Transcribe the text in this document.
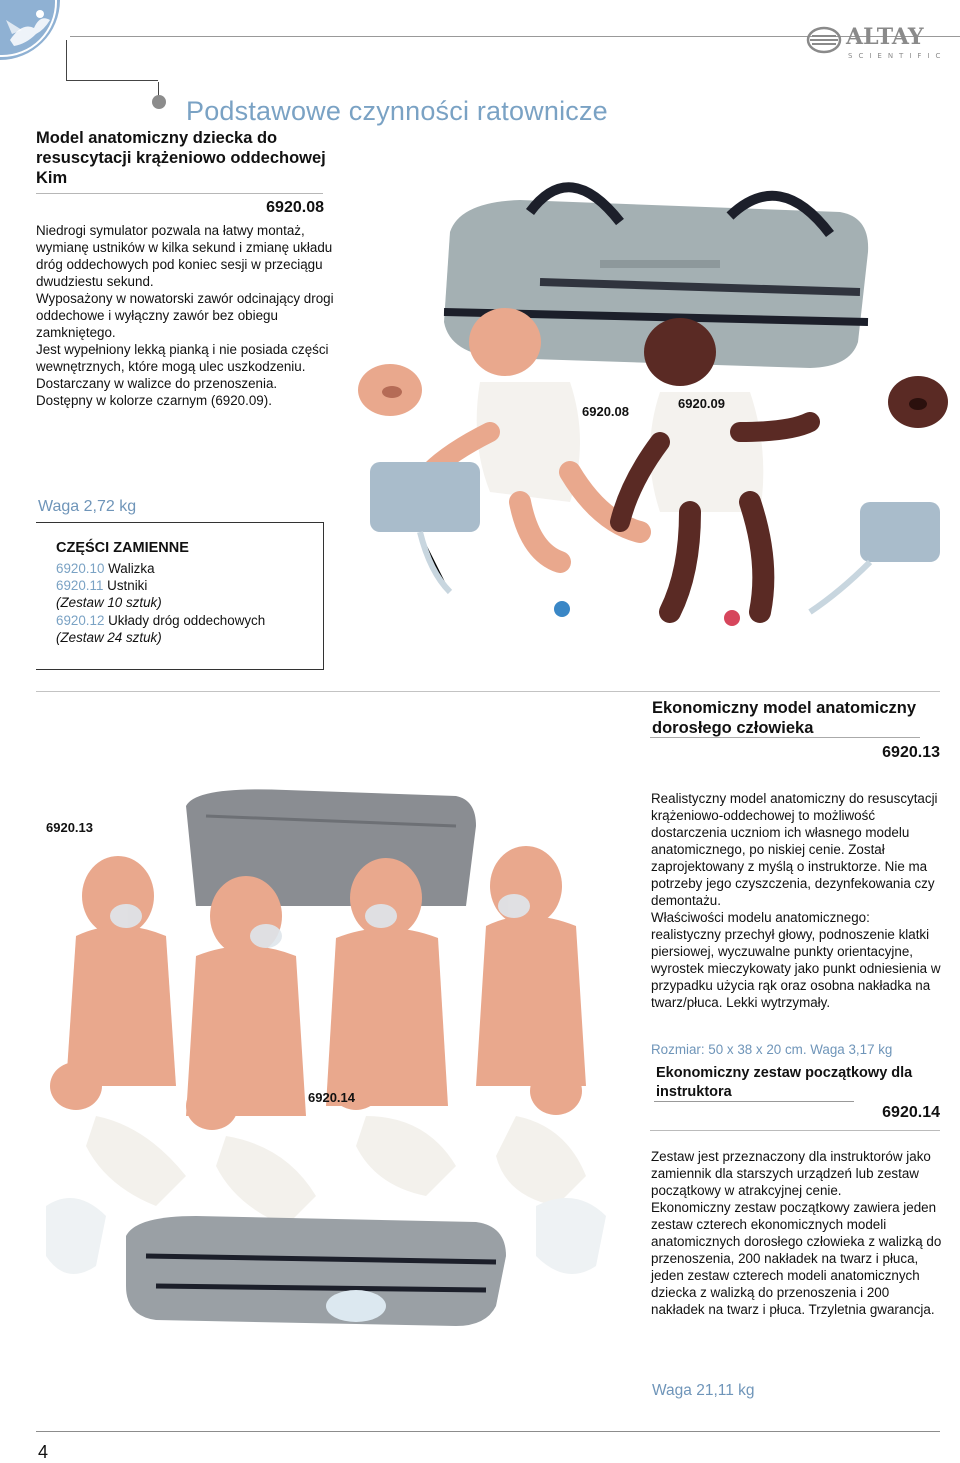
ALTAY
SCIENTIFIC
Podstawowe czynności ratownicze
Model anatomiczny dziecka do resuscytacji krążeniowo oddechowej Kim
6920.08

Niedrogi symulator pozwala na łatwy montaż, wymianę ustników w kilka sekund i zmianę układu dróg oddechowych pod koniec sesji w przeciągu dwudziestu sekund.

Wyposażony w nowatorski zawór odcinający drogi oddechowe i wyłączny zawór bez obiegu zamkniętego.

Jest wypełniony lekką pianką i nie posiada części wewnętrznych, które mogą ulec uszkodzeniu. Dostarczany w walizce do przenoszenia.

Dostępny w kolorze czarnym (6920.09).

Waga 2,72 kg
CZĘŚCI ZAMIENNE
6920.10 Walizka
6920.11 Ustniki
(Zestaw 10 sztuk)
6920.12 Układy dróg oddechowych
(Zestaw 24 sztuk)
6920.08
6920.09
Ekonomiczny model anatomiczny dorosłego człowieka
6920.13
6920.13
6920.14

Realistyczny model anatomiczny do resuscytacji krążeniowo-oddechowej to możliwość dostarczenia uczniom ich własnego modelu anatomicznego, po niskiej cenie. Został zaprojektowany z myślą o instruktorze. Nie ma potrzeby jego czyszczenia, dezynfekowania czy demontażu.

Właściwości modelu anatomicznego: realistyczny przechył głowy, podnoszenie klatki piersiowej, wyczuwalne punkty orientacyjne, wyrostek mieczykowaty jako punkt odniesienia w przypadku użycia rąk oraz osobna nakładka na twarz/płuca. Lekki wytrzymały.

Rozmiar: 50 x 38 x 20 cm. Waga 3,17 kg
Ekonomiczny zestaw początkowy dla instruktora
6920.14

Zestaw jest przeznaczony dla instruktorów jako zamiennik dla starszych urządzeń lub zestaw początkowy w atrakcyjnej cenie.

Ekonomiczny zestaw początkowy zawiera jeden zestaw czterech ekonomicznych modeli anatomicznych dorosłego człowieka z walizką do przenoszenia, 200 nakładek na twarz i płuca, jeden zestaw czterech modeli anatomicznych dziecka z walizką do przenoszenia i 200 nakładek na twarz i płuca. Trzyletnia gwarancja.

Waga 21,11 kg
4
